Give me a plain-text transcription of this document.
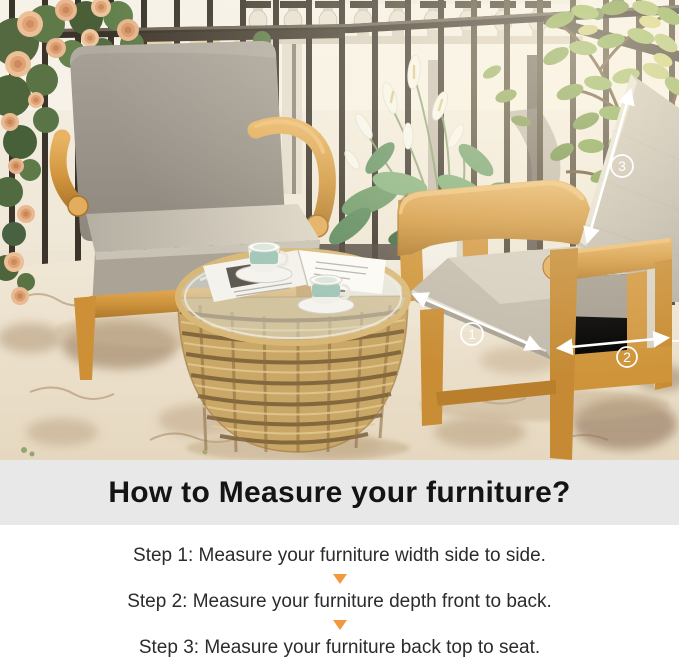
1
2
3
How to Measure your furniture?
Step 1: Measure your furniture width side to side.
Step 2: Measure your furniture depth front to back.
Step 3: Measure your furniture back top to seat.
